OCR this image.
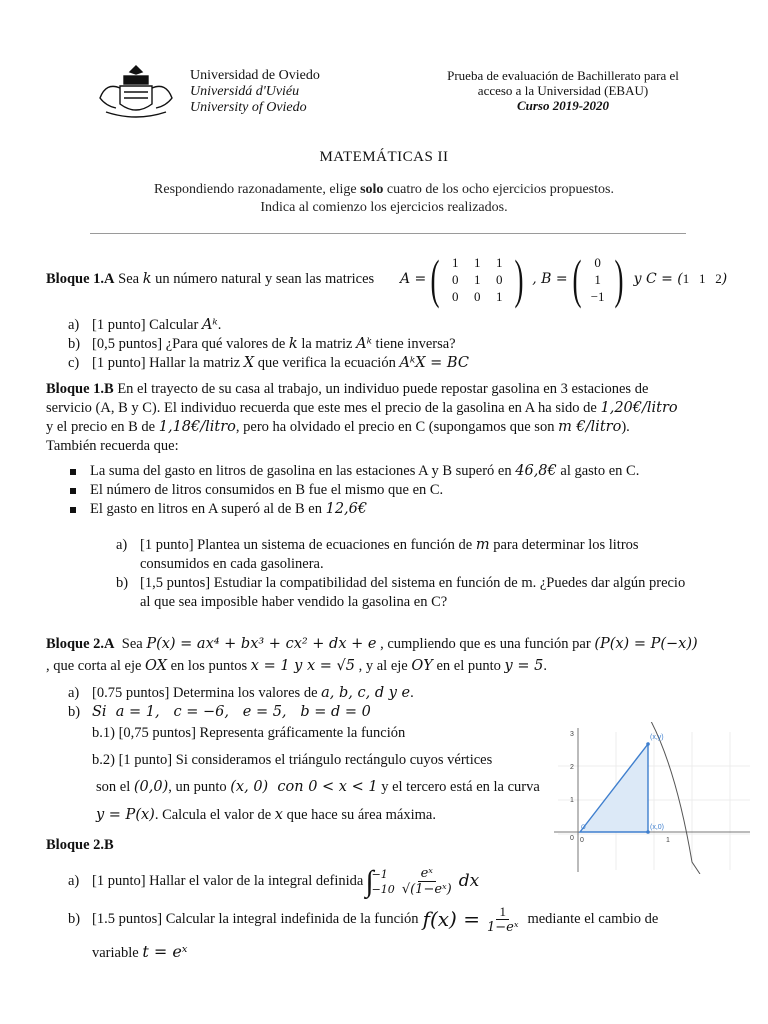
Universidad de Oviedo
Universidá d'Uviéu
University of Oviedo
Prueba de evaluación de Bachillerato para el
acceso a la Universidad (EBAU)
Curso 2019-2020
MATEMÁTICAS II
Respondiendo razonadamente, elige solo cuatro de los ocho ejercicios propuestos.
Indica al comienzo los ejercicios realizados.
Bloque 1.A
Sea
k
un número natural y sean las matrices A = ( 1	1	1
0	1	0
0	0	1 ) , B = (	0
1
−1 ) y C = ( 1   1   2 )
a) [1 punto] Calcular Aᵏ.
b) [0,5 puntos] ¿Para qué valores de k la matriz Aᵏ tiene inversa?
c) [1 punto] Hallar la matriz X que verifica la ecuación AᵏX = BC
Bloque 1.B En el trayecto de su casa al trabajo, un individuo puede repostar gasolina en 3 estaciones de
servicio (A, B y C). El individuo recuerda que este mes el precio de la gasolina en A ha sido de 1,20€/litro
y el precio en B de 1,18€/litro, pero ha olvidado el precio en C (supongamos que son m €/litro).
También recuerda que:
La suma del gasto en litros de gasolina en las estaciones A y B superó en 46,8€ al gasto en C.
El número de litros consumidos en B fue el mismo que en C.
El gasto en litros en A superó al de B en 12,6€
a) [1 punto] Plantea un sistema de ecuaciones en función de m para determinar los litros
consumidos en cada gasolinera.
b) [1,5 puntos] Estudiar la compatibilidad del sistema en función de m. ¿Puedes dar algún precio
al que sea imposible haber vendido la gasolina en C?
Bloque 2.A Sea P(x) = ax⁴ + bx³ + cx² + dx + e , cumpliendo que es una función par (P(x) = P(−x))
, que corta al eje OX en los puntos x = 1 y x = √5 , y al eje OY en el punto y = 5.
a) [0.75 puntos] Determina los valores de a, b, c, d y e.
b) Si  a = 1,   c = −6,   e = 5,   b = d = 0
b.1) [0,75 puntos] Representa gráficamente la función
b.2) [1 punto] Si consideramos el triángulo rectángulo cuyos vértices
son el (0,0), un punto (x, 0)  con 0 < x < 1 y el tercero está en la curva
y = P(x). Calcula el valor de x que hace su área máxima.
3
2
1
0 0	1
(x,y)
(x,0)
O
Bloque 2.B
a) [1 punto] Hallar el valor de la integral definida ∫
−1
$-10 \frac{\text{eˣ}}{\text{√(1−eˣ)}}$ dx
b) [1.5 puntos] Calcular la integral indefinida de la función $f(x) = \frac{1}{\text{1−eˣ}}$ mediante el cambio de
variable t = eˣ
